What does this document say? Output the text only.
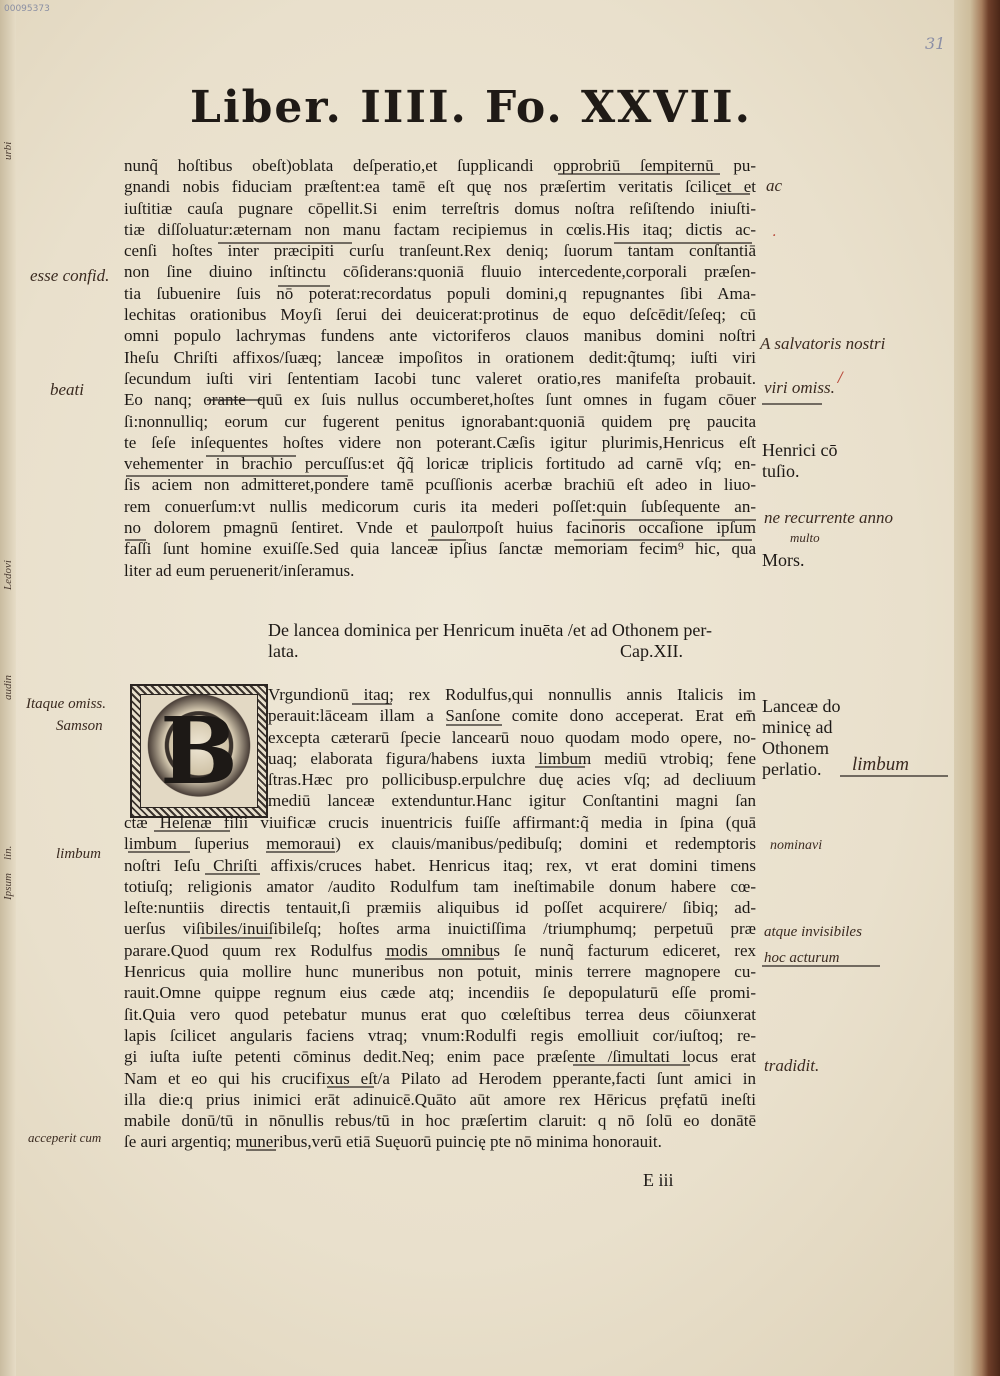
00095373
31
Liber. IIII. Fo. XXVII.
nunq̃ hoſtibus obeſt)oblata deſperatio,et ſupplicandi opprobriū ſempiternū pu-
gnandi nobis fiduciam præſtent:ea tamē eſt quę nos præſertim veritatis ſcilicet et
iuſtitiæ cauſa pugnare cōpellit.Si enim terreſtris domus noſtra reſiſtendo iniuſti-
tiæ diſſoluatur:æternam non manu factam recipiemus in cœlis.His itaq; dictis ac-
cenſi hoſtes inter præcipiti curſu tranſeunt.Rex deniq; ſuorum tantam conſtantiā
non ſine diuino inſtinctu cōſiderans:quoniā fluuio intercedente,corporali præſen-
tia ſubuenire ſuis nō poterat:recordatus populi domini,q repugnantes ſibi Ama-
lechitas orationibus Moyſi ſerui dei deuicerat:protinus de equo deſcēdit/ſeſeq; cū
omni populo lachrymas fundens ante victoriferos clauos manibus domini noſtri
Iheſu Chriſti affixos/ſuæq; lanceæ impoſitos in orationem dedit:q̃tumq; iuſti viri
ſecundum iuſti viri ſententiam Iacobi tunc valeret oratio,res manifeſta probauit.
Eo nanq; orante quū ex ſuis nullus occumberet,hoſtes ſunt omnes in fugam cōuer
ſi:nonnulliq; eorum cur fugerent penitus ignorabant:quoniā quidem prę paucita
te ſeſe inſequentes hoſtes videre non poterant.Cæſis igitur plurimis,Henricus eſt
vehementer in brachio percuſſus:et q̃q̃ loricæ triplicis fortitudo ad carnē vſq; en-
ſis aciem non admitteret,pondere tamē pcuſſionis acerbæ brachiū eſt adeo in liuo-
rem conuerſum:vt nullis medicorum curis ita mederi poſſet:quin ſubſequente an-
no dolorem pmagnū ſentiret. Vnde et pauloπpoſt huius facinoris occaſione ipſum
faſſi ſunt homine exuiſſe.Sed quia lanceæ ipſius ſanctæ memoriam fecim⁹ hic, qua
liter ad eum peruenerit/inſeramus.
De lancea dominica per Henricum inuēta /et ad Othonem per-
lata.	Cap.XII.
B
Vrgundionū itaq; rex Rodulfus,qui nonnullis annis Italicis im
perauit:lāceam illam a Sanſone comite dono acceperat. Erat em̄
excepta cæterarū ſpecie lancearū nouo quodam modo opere, no-
uaq; elaborata figura/habens iuxta limbum mediū vtrobiq; fene
ſtras.Hæc pro pollicibusp.erpulchre duę acies vſq; ad decliuum
mediū lanceæ extenduntur.Hanc igitur Conſtantini magni ſan
ctæ Helenæ filii viuificæ crucis inuentricis fuiſſe affirmant:q̃ media in ſpina (quā
limbum ſuperius memoraui) ex clauis/manibus/pedibuſq; domini et redemptoris
noſtri Ieſu Chriſti affixis/cruces habet. Henricus itaq; rex, vt erat domini timens
totiuſq; religionis amator /audito Rodulfum tam ineſtimabile donum habere cœ-
leſte:nuntiis directis tentauit,ſi præmiis aliquibus id poſſet acquirere/ ſibiq; ad-
uerſus viſibiles/inuiſibileſq; hoſtes arma inuictiſſima /triumphumq; perpetuū præ
parare.Quod quum rex Rodulfus modis omnibus ſe nunq̃ facturum ediceret, rex
Henricus quia mollire hunc muneribus non potuit, minis terrere magnopere cu-
rauit.Omne quippe regnum eius cæde atq; incendiis ſe depopulaturū eſſe promi-
ſit.Quia vero quod petebatur munus erat quo cœleſtibus terrea deus cōiunxerat
lapis ſcilicet angularis faciens vtraq; vnum:Rodulfi regis emolliuit cor/iuſtoq; re-
gi iuſta iuſte petenti cōminus dedit.Neq; enim pace præſente /ſimultati locus erat
Nam et eo qui his crucifixus eſt/a Pilato ad Herodem pperante,facti ſunt amici in
illa die:q prius inimici erāt adinuicē.Quāto aūt amore rex Hēricus pręfatū ineſti
mabile donū/tū in nōnullis rebus/tū in hoc præſertim claruit: q nō ſolū eo donātē
ſe auri argentiq; muneribus,verū etiā Suęuorū puincię pte nō minima honorauit.
E iii
Henrici cō
tuſio.
Mors.
Lanceæ do
minicę ad
Othonem
perlatio.
esse confid.
beati
Itaque omiss.
Samson
limbum
acceperit cum
ac
A salvatoris nostri
viri omiss.
ne recurrente anno
multo
limbum
nominavi
atque invisibiles
hoc acturum
tradidit.
urbi
Ledovi
audin
lin.
Ipsum
/
·
